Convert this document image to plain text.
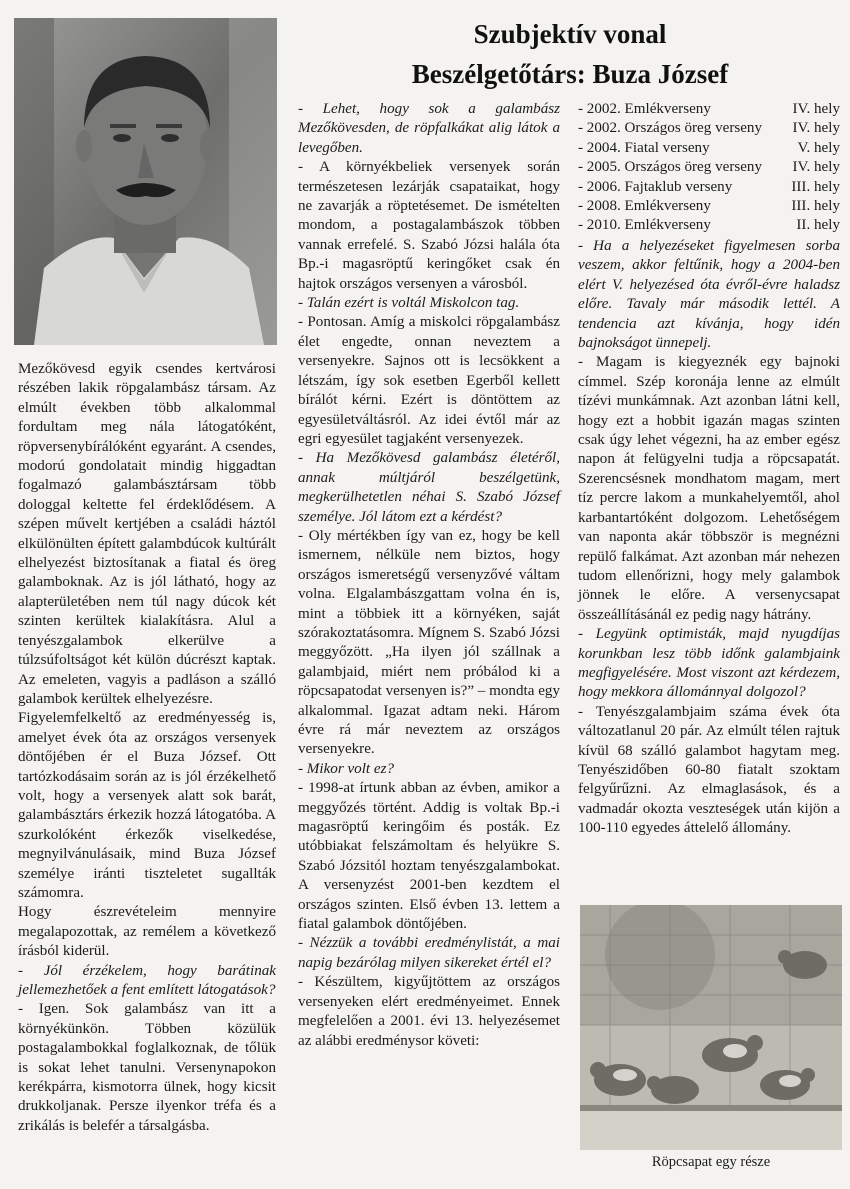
Szubjektív vonal
Beszélgetőtárs: Buza József

Mezőkövesd egyik csendes kertvárosi részében lakik röpgalambász társam. Az elmúlt években több alkalommal fordultam meg nála látogatóként, röpversenybírálóként egyaránt. A csendes, modorú gondolatait mindig higgadtan fogalmazó galambásztársam több dologgal keltette fel érdeklődésem. A szépen művelt kertjében a családi háztól elkülönülten épített galambdúcok kultúrált elhelyezést biztosítanak a fiatal és öreg galamboknak. Az is jól látható, hogy az alapterületében nem túl nagy dúcok két szinten kerültek kialakításra. Alul a tenyészgalambok elkerülve a túlzsúfoltságot két külön dúcrészt kaptak. Az emeleten, vagyis a padláson a szálló galambok kerültek elhelyezésre.

Figyelemfelkeltő az eredményesség is, amelyet évek óta az országos versenyek döntőjében ér el Buza József. Ott tartózkodásaim során az is jól érzékelhető volt, hogy a versenyek alatt sok barát, galambásztárs érkezik hozzá látogatóba. A szurkolóként érkezők viselkedése, megnyilvánulásaik, mind Buza József személye iránti tiszteletet sugallták számomra.

Hogy észrevételeim mennyire megalapozottak, az remélem a következő írásból kiderül.

- Jól érzékelem, hogy barátinak jellemezhetőek a fent említett látogatások?

- Igen. Sok galambász van itt a környékünkön. Többen közülük postagalambokkal foglalkoznak, de tőlük is sokat lehet tanulni. Versenynapokon kerékpárra, kismotorra ülnek, hogy kicsit drukkoljanak. Persze ilyenkor tréfa és a zrikálás is belefér a társalgásba.

- Lehet, hogy sok a galambász Mezőkövesden, de röpfalkákat alig látok a levegőben.

- A környékbeliek versenyek során természetesen lezárják csapataikat, hogy ne zavarják a röptetésemet. De ismételten mondom, a postagalambászok többen vannak errefelé. S. Szabó Józsi halála óta Bp.-i magasröptű keringőket csak én hajtok országos versenyen a városból.

- Talán ezért is voltál Miskolcon tag.

- Pontosan. Amíg a miskolci röpgalambász élet engedte, onnan neveztem a versenyekre. Sajnos ott is lecsökkent a létszám, így sok esetben Egerből kellett bírálót kérni. Ezért is döntöttem az egyesületváltásról. Az idei évtől már az egri egyesület tagjaként versenyezek.

- Ha Mezőkövesd galambász életéről, annak múltjáról beszélgetünk, megkerülhetetlen néhai S. Szabó József személye. Jól látom ezt a kérdést?

- Oly mértékben így van ez, hogy be kell ismernem, nélküle nem biztos, hogy országos ismeretségű versenyzővé váltam volna. Elgalambászgattam volna én is, mint a többiek itt a környéken, saját szórakoztatásomra. Mígnem S. Szabó Józsi meggyőzött. „Ha ilyen jól szállnak a galambjaid, miért nem próbálod ki a röpcsapatodat versenyen is?” – mondta egy alkalommal. Igazat adtam neki. Három évre rá már neveztem az országos versenyekre.

- Mikor volt ez?

- 1998-at írtunk abban az évben, amikor a meggyőzés történt. Addig is voltak Bp.-i magasröptű keringőim és posták. Ez utóbbiakat felszámoltam és helyükre S. Szabó Józsitól hoztam tenyészgalambokat. A versenyzést 2001-ben kezdtem el országos szinten. Első évben 13. lettem a fiatal galambok döntőjében.

- Nézzük a további eredménylistát, a mai napig bezárólag milyen sikereket értél el?

- Készültem, kigyűjtöttem az országos versenyeken elért eredményeimet. Ennek megfelelően a 2001. évi 13. helyezésemet az alábbi eredménysor követi:

- 2002. Emlékverseny	IV. hely
- 2002. Országos öreg verseny IV. hely
- 2004. Fiatal verseny	V. hely
- 2005. Országos öreg verseny IV. hely
- 2006. Fajtaklub verseny	III. hely
- 2008. Emlékverseny	III. hely
- 2010. Emlékverseny	II. hely

- Ha a helyezéseket figyelmesen sorba veszem, akkor feltűnik, hogy a 2004-ben elért V. helyezésed óta évről-évre haladsz előre. Tavaly már második lettél. A tendencia azt kívánja, hogy idén bajnokságot ünnepelj.

- Magam is kiegyeznék egy bajnoki címmel. Szép koronája lenne az elmúlt tízévi munkámnak. Azt azonban látni kell, hogy ezt a hobbit igazán magas szinten csak úgy lehet végezni, ha az ember egész napon át felügyelni tudja a röpcsapatát. Szerencsésnek mondhatom magam, mert tíz percre lakom a munkahelyemtől, ahol karbantartóként dolgozom. Lehetőségem van naponta akár többször is megnézni repülő falkámat. Azt azonban már nehezen tudom ellenőrizni, hogy mely galambok jönnek le előre. A versenycsapat összeállításánál ez pedig nagy hátrány.

- Legyünk optimisták, majd nyugdíjas korunkban lesz több időnk galambjaink megfigyelésére. Most viszont azt kérdezem, hogy mekkora állománnyal dolgozol?

- Tenyészgalambjaim száma évek óta változatlanul 20 pár. Az elmúlt télen rajtuk kívül 68 szálló galambot hagytam meg. Tenyészidőben 60-80 fiatalt szoktam felgyűrűzni. Az elmaglasások, és a vadmadár okozta veszteségek után kijön a 100-110 egyedes áttelelő állomány.

Röpcsapat egy része
